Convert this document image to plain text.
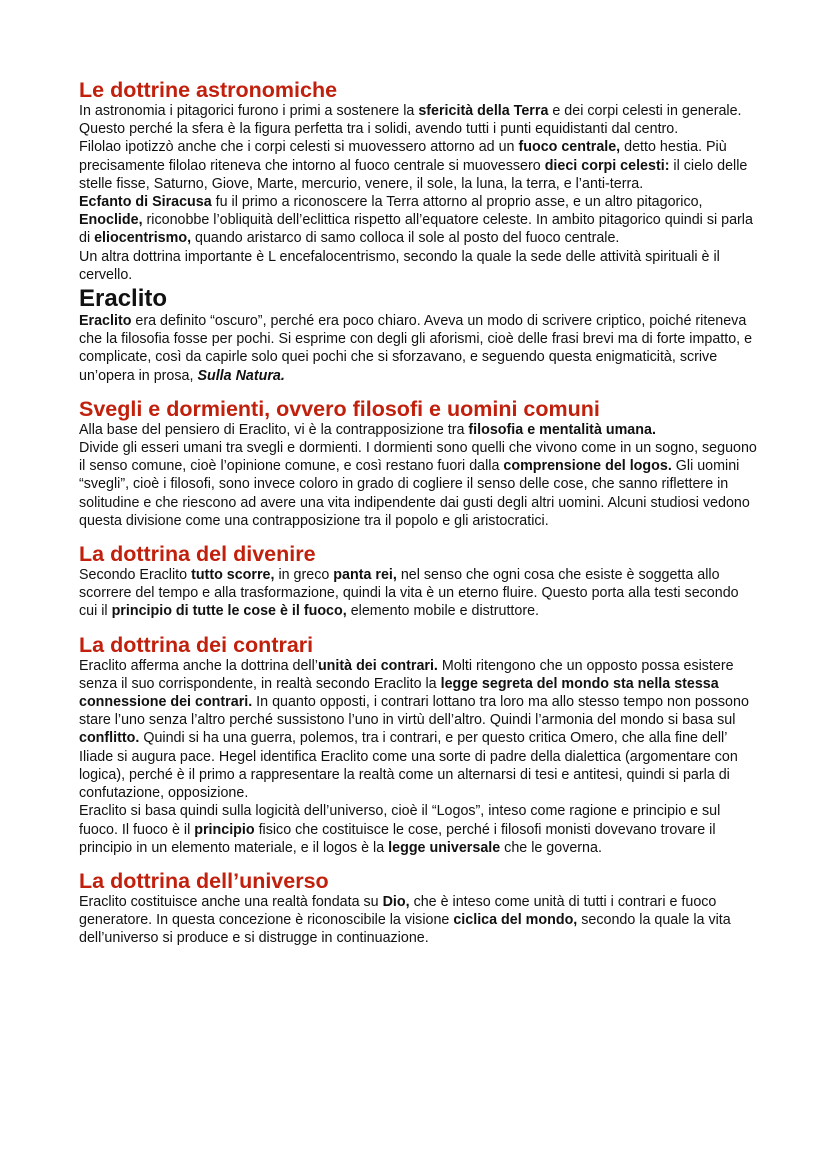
Le dottrine astronomiche

In astronomia i pitagorici furono i primi a sostenere la sfericità della Terra e dei corpi celesti in generale. Questo perché la sfera è la figura perfetta tra i solidi, avendo tutti i punti equidistanti dal centro.

Filolao ipotizzò anche che i corpi celesti si muovessero attorno ad un fuoco centrale, detto hestia. Più precisamente filolao riteneva che intorno al fuoco centrale si muovessero dieci corpi celesti: il cielo delle stelle fisse, Saturno, Giove, Marte, mercurio, venere, il sole, la luna, la terra, e l’anti-terra.

Ecfanto di Siracusa fu il primo a riconoscere la Terra attorno al proprio asse, e un altro pitagorico, Enoclide, riconobbe l’obliquità dell’eclittica rispetto all’equatore celeste. In ambito pitagorico quindi si parla di eliocentrismo, quando aristarco di samo colloca il sole al posto del fuoco centrale.

Un altra dottrina importante è L encefalocentrismo, secondo la quale la sede delle attività spirituali è il cervello.

Eraclito

Eraclito era definito “oscuro”, perché era poco chiaro. Aveva un modo di scrivere criptico, poiché riteneva che la filosofia fosse per pochi. Si esprime con degli gli aforismi, cioè delle frasi brevi ma di forte impatto, e complicate, così da capirle solo quei pochi che si sforzavano, e seguendo questa enigmaticità, scrive un’opera in prosa, Sulla Natura.

Svegli e dormienti, ovvero filosofi e uomini comuni

Alla base del pensiero di Eraclito, vi è la contrapposizione tra filosofia e mentalità umana.

Divide gli esseri umani tra svegli e dormienti. I dormienti sono quelli che vivono come in un sogno, seguono il senso comune, cioè l’opinione comune, e così restano fuori dalla comprensione del logos. Gli uomini “svegli”, cioè i filosofi, sono invece coloro in grado di cogliere il senso delle cose, che sanno riflettere in solitudine e che riescono ad avere una vita indipendente dai gusti degli altri uomini. Alcuni studiosi vedono questa divisione come una contrapposizione tra il popolo e gli aristocratici.

La dottrina del divenire

Secondo Eraclito tutto scorre, in greco panta rei, nel senso che ogni cosa che esiste è soggetta allo scorrere del tempo e alla trasformazione, quindi la vita è un eterno fluire. Questo porta alla testi secondo cui il principio di tutte le cose è il fuoco, elemento mobile e distruttore.

La dottrina dei contrari

Eraclito afferma anche la dottrina dell’unità dei contrari. Molti ritengono che un opposto possa esistere senza il suo corrispondente, in realtà secondo Eraclito la legge segreta del mondo sta nella stessa connessione dei contrari. In quanto opposti, i contrari lottano tra loro ma allo stesso tempo non possono stare l’uno senza l’altro perché sussistono l’uno in virtù dell’altro. Quindi l’armonia del mondo si basa sul conflitto. Quindi si ha una guerra, polemos, tra i contrari, e per questo critica Omero, che alla fine dell’ Iliade si augura pace. Hegel identifica Eraclito come una sorte di padre della dialettica (argomentare con logica), perché è il primo a rappresentare la realtà come un alternarsi di tesi e antitesi, quindi si parla di confutazione, opposizione.

Eraclito si basa quindi sulla logicità dell’universo, cioè il “Logos”, inteso come ragione e principio e sul fuoco. Il fuoco è il principio fisico che costituisce le cose, perché i filosofi monisti dovevano trovare il principio in un elemento materiale, e il logos è la legge universale che le governa.

La dottrina dell’universo

Eraclito costituisce anche una realtà fondata su Dio, che è inteso come unità di tutti i contrari e fuoco generatore. In questa concezione è riconoscibile la visione ciclica del mondo, secondo la quale la vita dell’universo si produce e si distrugge in continuazione.
